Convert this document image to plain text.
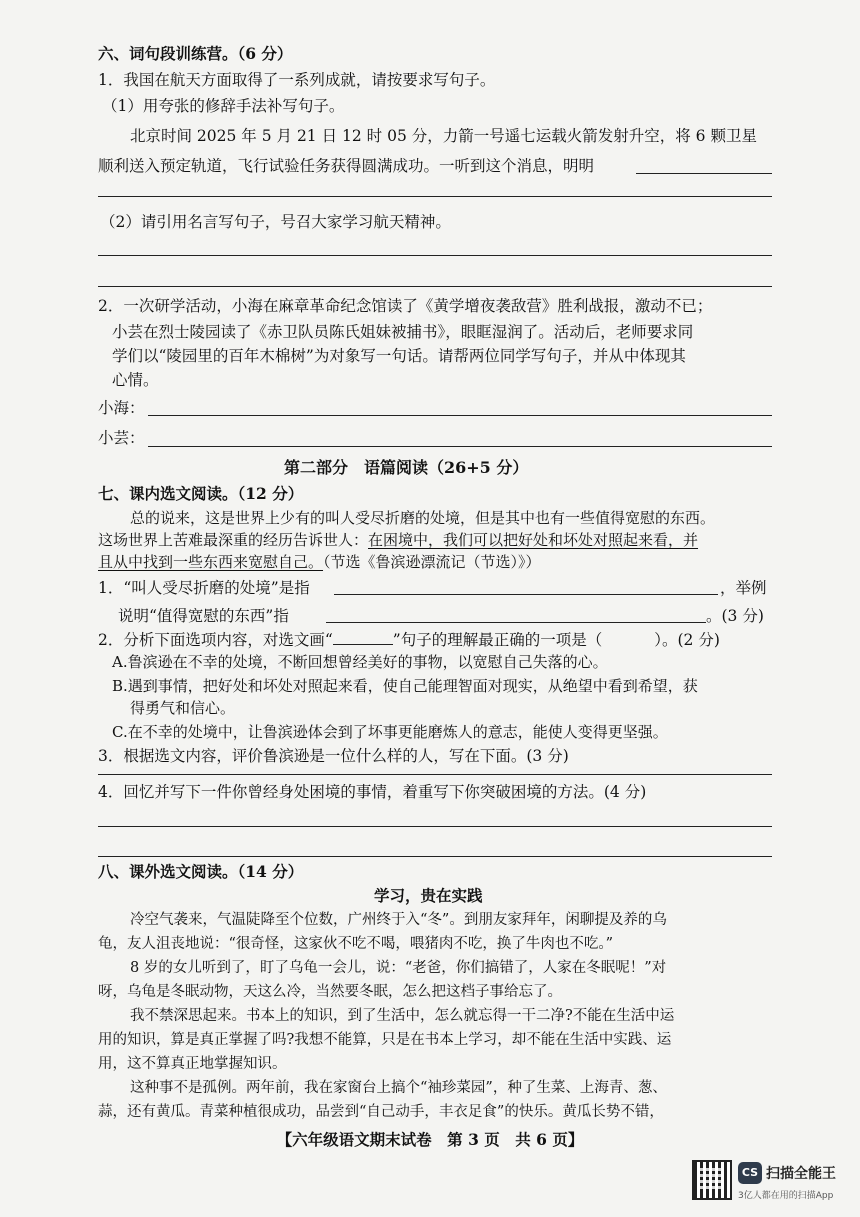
六、词句段训练营。（6 分）
1．我国在航天方面取得了一系列成就，请按要求写句子。
（1）用夸张的修辞手法补写句子。
北京时间 2025 年 5 月 21 日 12 时 05 分，力箭一号遥七运载火箭发射升空，将 6 颗卫星
顺利送入预定轨道，飞行试验任务获得圆满成功。一听到这个消息，明明
（2）请引用名言写句子，号召大家学习航天精神。
2．一次研学活动，小海在麻章革命纪念馆读了《黄学增夜袭敌营》胜利战报，激动不已；
小芸在烈士陵园读了《赤卫队员陈氏姐妹被捕书》，眼眶湿润了。活动后，老师要求同
学们以“陵园里的百年木棉树”为对象写一句话。请帮两位同学写句子，并从中体现其
心情。
小海：
小芸：
第二部分　语篇阅读（26+5 分）
七、课内选文阅读。（12 分）
总的说来，这是世界上少有的叫人受尽折磨的处境，但是其中也有一些值得宽慰的东西。
这场世界上苦难最深重的经历告诉世人：在困境中，我们可以把好处和坏处对照起来看，并
且从中找到一些东西来宽慰自己。（节选《鲁滨逊漂流记（节选）》）
1．“叫人受尽折磨的处境”是指	，举例
说明“值得宽慰的东西”指	。(3 分)
2．分析下面选项内容，对选文画“	”句子的理解最正确的一项是（	）。(2 分)
A.鲁滨逊在不幸的处境，不断回想曾经美好的事物，以宽慰自己失落的心。
B.遇到事情，把好处和坏处对照起来看，使自己能理智面对现实，从绝望中看到希望，获
得勇气和信心。
C.在不幸的处境中，让鲁滨逊体会到了坏事更能磨炼人的意志，能使人变得更坚强。
3．根据选文内容，评价鲁滨逊是一位什么样的人，写在下面。(3 分)
4．回忆并写下一件你曾经身处困境的事情，着重写下你突破困境的方法。(4 分)
八、课外选文阅读。（14 分）
学习，贵在实践
冷空气袭来，气温陡降至个位数，广州终于入“冬”。到朋友家拜年，闲聊提及养的乌
龟，友人沮丧地说：“很奇怪，这家伙不吃不喝，喂猪肉不吃，换了牛肉也不吃。”
8 岁的女儿听到了，盯了乌龟一会儿，说：“老爸，你们搞错了，人家在冬眠呢！”对
呀，乌龟是冬眠动物，天这么冷，当然要冬眠，怎么把这档子事给忘了。
我不禁深思起来。书本上的知识，到了生活中，怎么就忘得一干二净?不能在生活中运
用的知识，算是真正掌握了吗?我想不能算，只是在书本上学习，却不能在生活中实践、运
用，这不算真正地掌握知识。
这种事不是孤例。两年前，我在家窗台上搞个“袖珍菜园”，种了生菜、上海青、葱、
【六年级语文期末试卷　第 3 页　共 6 页】
蒜，还有黄瓜。青菜种植很成功，品尝到“自己动手，丰衣足食”的快乐。黄瓜长势不错，
CS 扫描全能王
3亿人都在用的扫描App
